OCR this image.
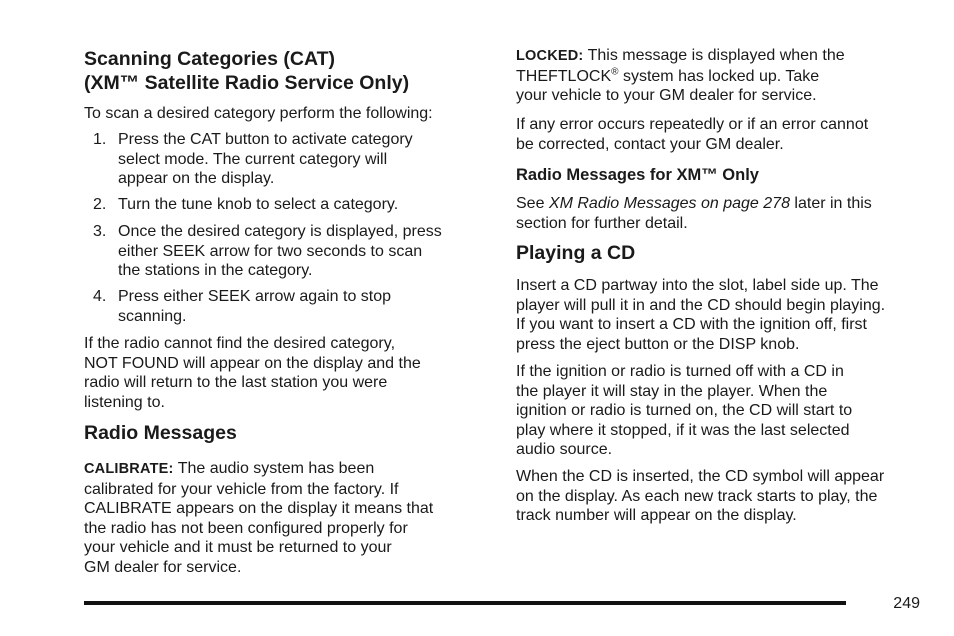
Scanning Categories (CAT)
(XM™ Satellite Radio Service Only)
To scan a desired category perform the following:
1. Press the CAT button to activate category
select mode. The current category will
appear on the display.
2. Turn the tune knob to select a category.
3. Once the desired category is displayed, press
either SEEK arrow for two seconds to scan
the stations in the category.
4. Press either SEEK arrow again to stop
scanning.
If the radio cannot find the desired category,
NOT FOUND will appear on the display and the
radio will return to the last station you were
listening to.
Radio Messages
CALIBRATE: The audio system has been
calibrated for your vehicle from the factory. If
CALIBRATE appears on the display it means that
the radio has not been configured properly for
your vehicle and it must be returned to your
GM dealer for service.
LOCKED: This message is displayed when the
THEFTLOCK® system has locked up. Take
your vehicle to your GM dealer for service.
If any error occurs repeatedly or if an error cannot
be corrected, contact your GM dealer.
Radio Messages for XM™ Only
See XM Radio Messages on page 278 later in this
section for further detail.
Playing a CD
Insert a CD partway into the slot, label side up. The
player will pull it in and the CD should begin playing.
If you want to insert a CD with the ignition off, first
press the eject button or the DISP knob.
If the ignition or radio is turned off with a CD in
the player it will stay in the player. When the
ignition or radio is turned on, the CD will start to
play where it stopped, if it was the last selected
audio source.
When the CD is inserted, the CD symbol will appear
on the display. As each new track starts to play, the
track number will appear on the display.
249
